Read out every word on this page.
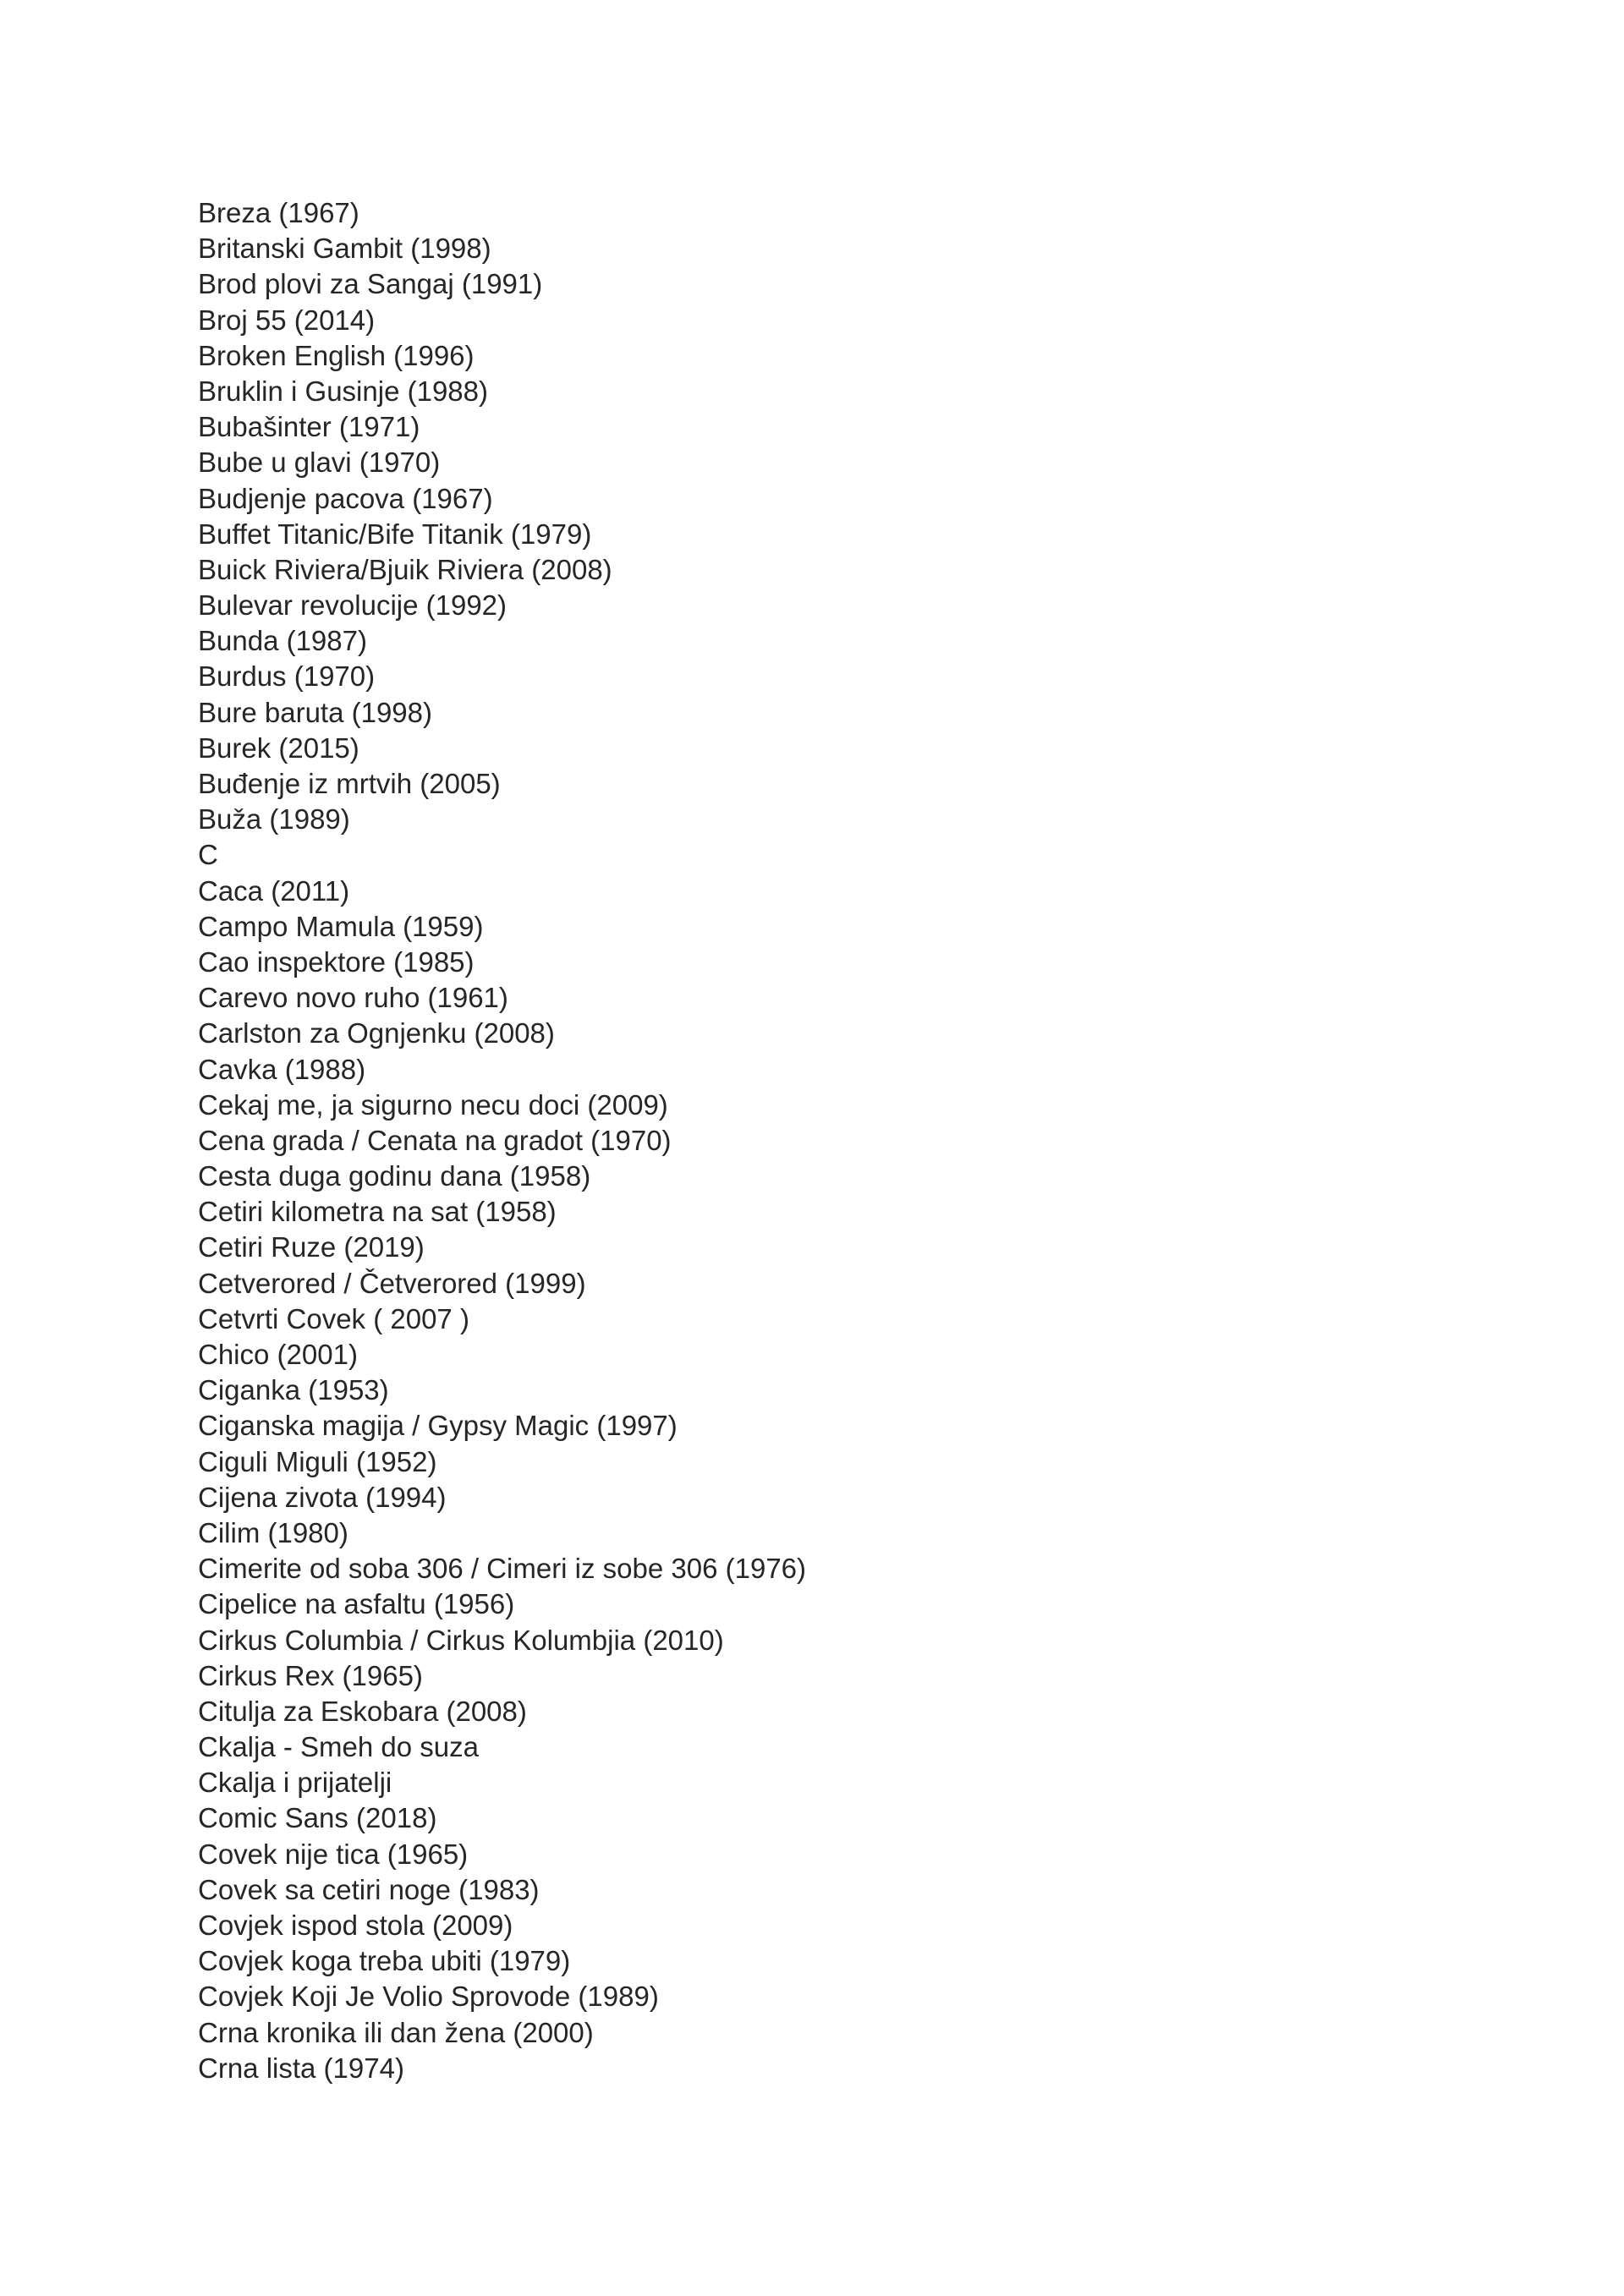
Breza (1967)
Britanski Gambit (1998)
Brod plovi za Sangaj (1991)
Broj 55 (2014)
Broken English (1996)
Bruklin i Gusinje (1988)
Bubašinter (1971)
Bube u glavi (1970)
Budjenje pacova (1967)
Buffet Titanic/Bife Titanik (1979)
Buick Riviera/Bjuik Riviera (2008)
Bulevar revolucije (1992)
Bunda (1987)
Burdus (1970)
Bure baruta (1998)
Burek (2015)
Buđenje iz mrtvih (2005)
Buža (1989)
C
Caca (2011)
Campo Mamula (1959)
Cao inspektore (1985)
Carevo novo ruho (1961)
Carlston za Ognjenku (2008)
Cavka (1988)
Cekaj me, ja sigurno necu doci (2009)
Cena grada / Cenata na gradot (1970)
Cesta duga godinu dana (1958)
Cetiri kilometra na sat (1958)
Cetiri Ruze (2019)
Cetverored / Četverored (1999)
Cetvrti Covek ( 2007 )
Chico (2001)
Ciganka (1953)
Ciganska magija / Gypsy Magic (1997)
Ciguli Miguli (1952)
Cijena zivota (1994)
Cilim (1980)
Cimerite od soba 306 / Cimeri iz sobe 306 (1976)
Cipelice na asfaltu (1956)
Cirkus Columbia / Cirkus Kolumbjia (2010)
Cirkus Rex (1965)
Citulja za Eskobara (2008)
Ckalja - Smeh do suza
Ckalja i prijatelji
Comic Sans (2018)
Covek nije tica (1965)
Covek sa cetiri noge (1983)
Covjek ispod stola (2009)
Covjek koga treba ubiti (1979)
Covjek Koji Je Volio Sprovode (1989)
Crna kronika ili dan žena (2000)
Crna lista (1974)
